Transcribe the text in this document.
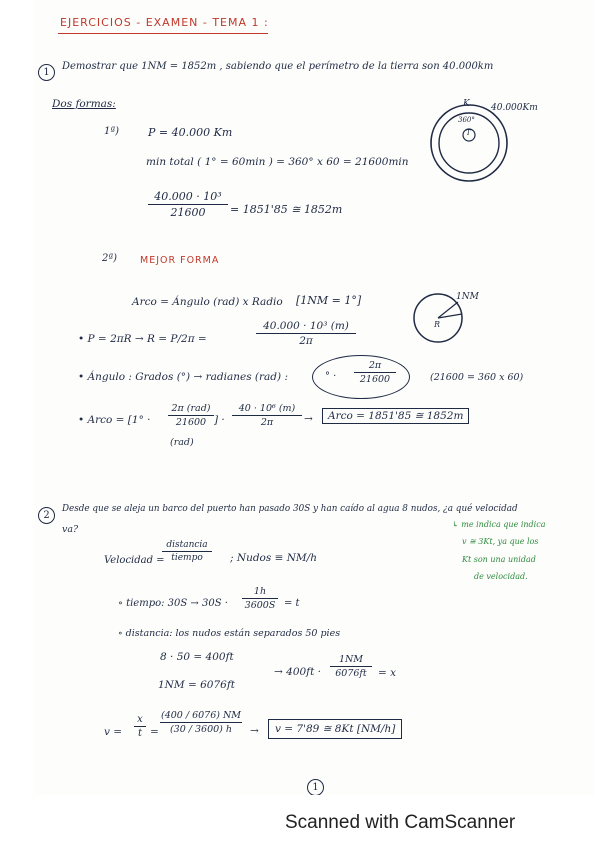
EJERCICIOS - EXAMEN - TEMA 1 :
1
Demostrar que 1NM = 1852m , sabiendo que el perímetro de la tierra son 40.000km
Dos formas:	40.000Km
K
360°
T
1ª)	P = 40.000 Km
min total ( 1° = 60min ) = 360° x 60 = 21600min
40.000 · 10³
21600	= 1851'85 ≅ 1852m
2ª) MEJOR FORMA
Arco = Ángulo (rad) x Radio [1NM = 1°]	1NM
R
• P = 2πR → R = P/2π =
40.000 · 10³ (m)
2π
• Ángulo : Grados (°) → radianes (rad) :	° ·
2π
21600	(21600 = 360 x 60)
• Arco = [1° ·
2π (rad)
21600
(rad)
] ·
40 · 10⁶ (m)
2π	→	Arco = 1851'85 ≅ 1852m
2
Desde que se aleja un barco del puerto han pasado 30S y han caído al agua 8 nudos, ¿a qué velocidad
va?	↳ me indica que indica
v ≅ 3Kt, ya que los
Kt son una unidad
de velocidad.
Velocidad =
distancia
tiempo	; Nudos ≡ NM/h
∘ tiempo: 30S → 30S ·
1h
3600S = t
∘ distancia: los nudos están separados 50 pies
8 · 50 = 400ft
1NM = 6076ft
→ 400ft ·
1NM
6076ft	= x
v =
x
t =
(400 / 6076) NM
(30 / 3600) h	→	v = 7'89 ≅ 8Kt [NM/h]
1
Scanned with CamScanner
